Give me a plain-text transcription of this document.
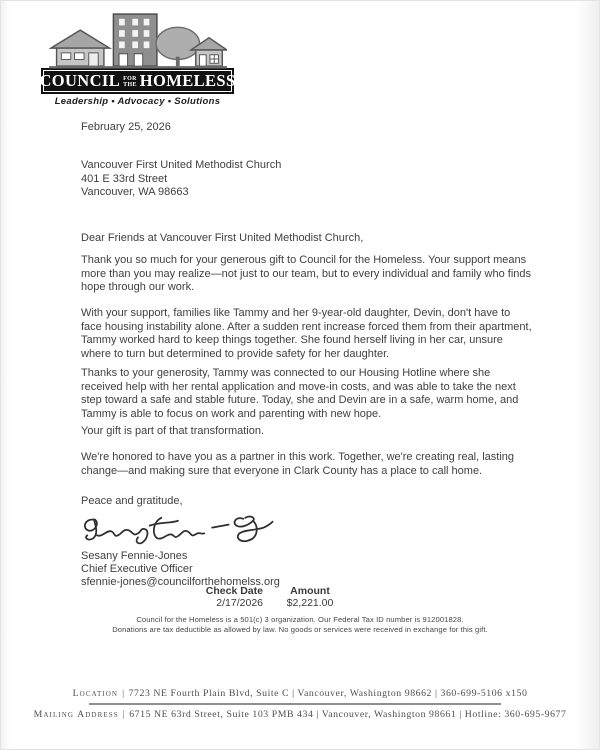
COUNCIL FOR
THE HOMELESS
Leadership • Advocacy • Solutions
February 25, 2026
Vancouver First United Methodist Church
401 E 33rd Street
Vancouver, WA 98663
Dear Friends at Vancouver First United Methodist Church,
Thank you so much for your generous gift to Council for the Homeless. Your support means more than you may realize—not just to our team, but to every individual and family who finds hope through our work.
With your support, families like Tammy and her 9-year-old daughter, Devin, don't have to face housing instability alone. After a sudden rent increase forced them from their apartment, Tammy worked hard to keep things together. She found herself living in her car, unsure where to turn but determined to provide safety for her daughter.
Thanks to your generosity, Tammy was connected to our Housing Hotline where she received help with her rental application and move-in costs, and was able to take the next step toward a safe and stable future. Today, she and Devin are in a safe, warm home, and Tammy is able to focus on work and parenting with new hope.
Your gift is part of that transformation.
We're honored to have you as a partner in this work. Together, we're creating real, lasting change—and making sure that everyone in Clark County has a place to call home.
Peace and gratitude,
Sesany Fennie-Jones
Chief Executive Officer
sfennie-jones@councilforthehomelss.org
Check Date	Amount
2/17/2026	$2,221.00
Council for the Homeless is a 501(c) 3 organization. Our Federal Tax ID number is 912001828.
Donations are tax deductible as allowed by law. No goods or services were received in exchange for this gift.
Location | 7723 NE Fourth Plain Blvd, Suite C | Vancouver, Washington 98662 | 360-699-5106 x150
Mailing Address | 6715 NE 63rd Street, Suite 103 PMB 434 | Vancouver, Washington 98661 | Hotline: 360-695-9677
